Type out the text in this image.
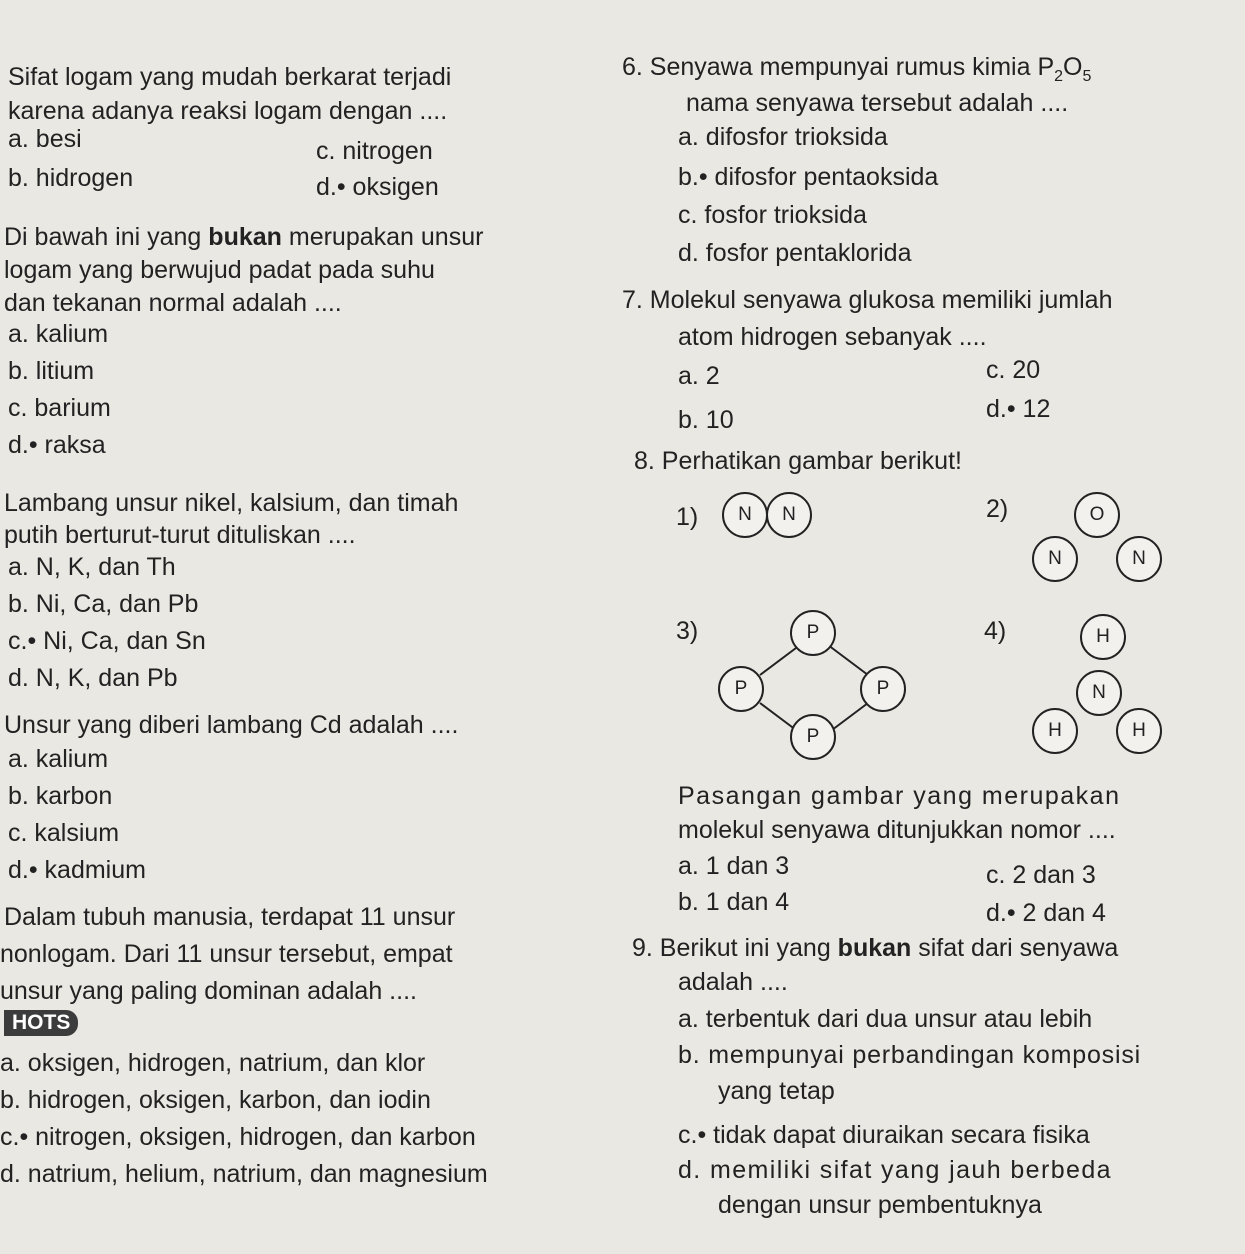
Sifat logam yang mudah berkarat terjadi
karena adanya reaksi logam dengan ....
a. besi	c. nitrogen
b. hidrogen	d.• oksigen
Di bawah ini yang bukan merupakan unsur
logam yang berwujud padat pada suhu
dan tekanan normal adalah ....
a. kalium
b. litium
c. barium
d.• raksa
Lambang unsur nikel, kalsium, dan timah
putih berturut-turut dituliskan ....
a. N, K, dan Th
b. Ni, Ca, dan Pb
c.• Ni, Ca, dan Sn
d. N, K, dan Pb
Unsur yang diberi lambang Cd adalah ....
a. kalium
b. karbon
c. kalsium
d.• kadmium
Dalam tubuh manusia, terdapat 11 unsur
nonlogam. Dari 11 unsur tersebut, empat
unsur yang paling dominan adalah ....
HOTS
a. oksigen, hidrogen, natrium, dan klor
b. hidrogen, oksigen, karbon, dan iodin
c.• nitrogen, oksigen, hidrogen, dan karbon
d. natrium, helium, natrium, dan magnesium
6. Senyawa mempunyai rumus kimia $P_2O_5$
nama senyawa tersebut adalah ....
a. difosfor trioksida
b.• difosfor pentaoksida
c. fosfor trioksida
d. fosfor pentaklorida
7. Molekul senyawa glukosa memiliki jumlah
atom hidrogen sebanyak ....
a. 2	c. 20
b. 10	d.• 12
8. Perhatikan gambar berikut!
1)	N	N	2)	O
N	N
3)	P
P	P
P
4)	H
N
H	H
Pasangan gambar yang merupakan
molekul senyawa ditunjukkan nomor ....
a. 1 dan 3	c. 2 dan 3
b. 1 dan 4	d.• 2 dan 4
9. Berikut ini yang bukan sifat dari senyawa
adalah ....
a. terbentuk dari dua unsur atau lebih
b. mempunyai perbandingan komposisi
yang tetap
c.• tidak dapat diuraikan secara fisika
d. memiliki sifat yang jauh berbeda
dengan unsur pembentuknya
